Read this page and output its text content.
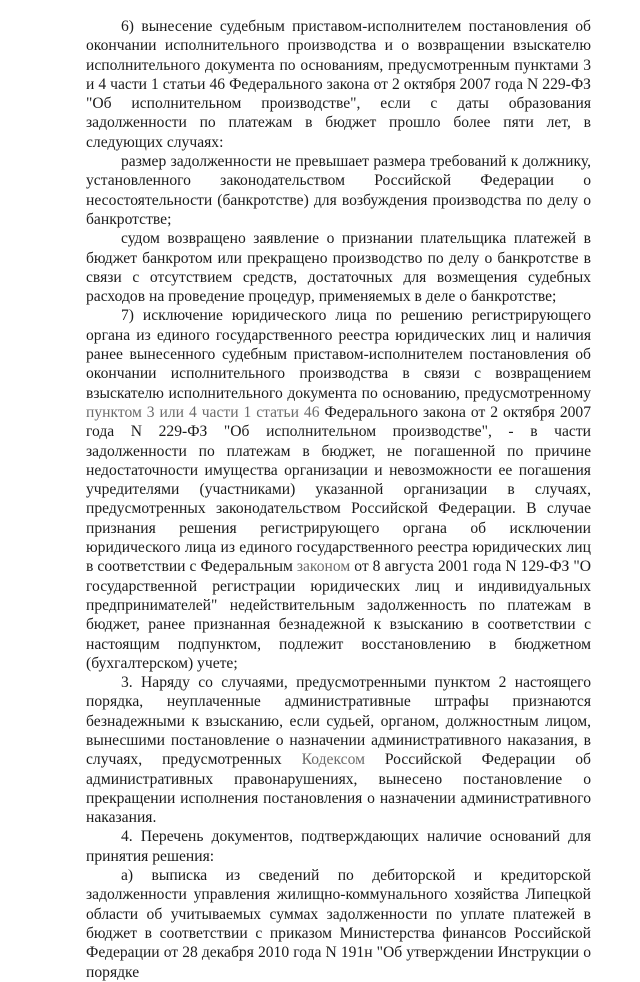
6) вынесение судебным приставом-исполнителем постановления об окончании исполнительного производства и о возвращении взыскателю исполнительного документа по основаниям, предусмотренным пунктами 3 и 4 части 1 статьи 46 Федерального закона от 2 октября 2007 года N 229-ФЗ "Об исполнительном производстве", если с даты образования задолженности по платежам в бюджет прошло более пяти лет, в следующих случаях:

размер задолженности не превышает размера требований к должнику, установленного законодательством Российской Федерации о несостоятельности (банкротстве) для возбуждения производства по делу о банкротстве;

судом возвращено заявление о признании плательщика платежей в бюджет банкротом или прекращено производство по делу о банкротстве в связи с отсутствием средств, достаточных для возмещения судебных расходов на проведение процедур, применяемых в деле о банкротстве;

7) исключение юридического лица по решению регистрирующего органа из единого государственного реестра юридических лиц и наличия ранее вынесенного судебным приставом-исполнителем постановления об окончании исполнительного производства в связи с возвращением взыскателю исполнительного документа по основанию, предусмотренному пунктом 3 или 4 части 1 статьи 46 Федерального закона от 2 октября 2007 года N 229-ФЗ "Об исполнительном производстве", - в части задолженности по платежам в бюджет, не погашенной по причине недостаточности имущества организации и невозможности ее погашения учредителями (участниками) указанной организации в случаях, предусмотренных законодательством Российской Федерации. В случае признания решения регистрирующего органа об исключении юридического лица из единого государственного реестра юридических лиц в соответствии с Федеральным законом от 8 августа 2001 года N 129-ФЗ "О государственной регистрации юридических лиц и индивидуальных предпринимателей" недействительным задолженность по платежам в бюджет, ранее признанная безнадежной к взысканию в соответствии с настоящим подпунктом, подлежит восстановлению в бюджетном (бухгалтерском) учете;

3. Наряду со случаями, предусмотренными пунктом 2 настоящего порядка, неуплаченные административные штрафы признаются безнадежными к взысканию, если судьей, органом, должностным лицом, вынесшими постановление о назначении административного наказания, в случаях, предусмотренных Кодексом Российской Федерации об административных правонарушениях, вынесено постановление о прекращении исполнения постановления о назначении административного наказания.

4. Перечень документов, подтверждающих наличие оснований для принятия решения:

а) выписка из сведений по дебиторской и кредиторской задолженности управления жилищно-коммунального хозяйства Липецкой области об учитываемых суммах задолженности по уплате платежей в бюджет в соответствии с приказом Министерства финансов Российской Федерации от 28 декабря 2010 года N 191н "Об утверждении Инструкции о порядке
